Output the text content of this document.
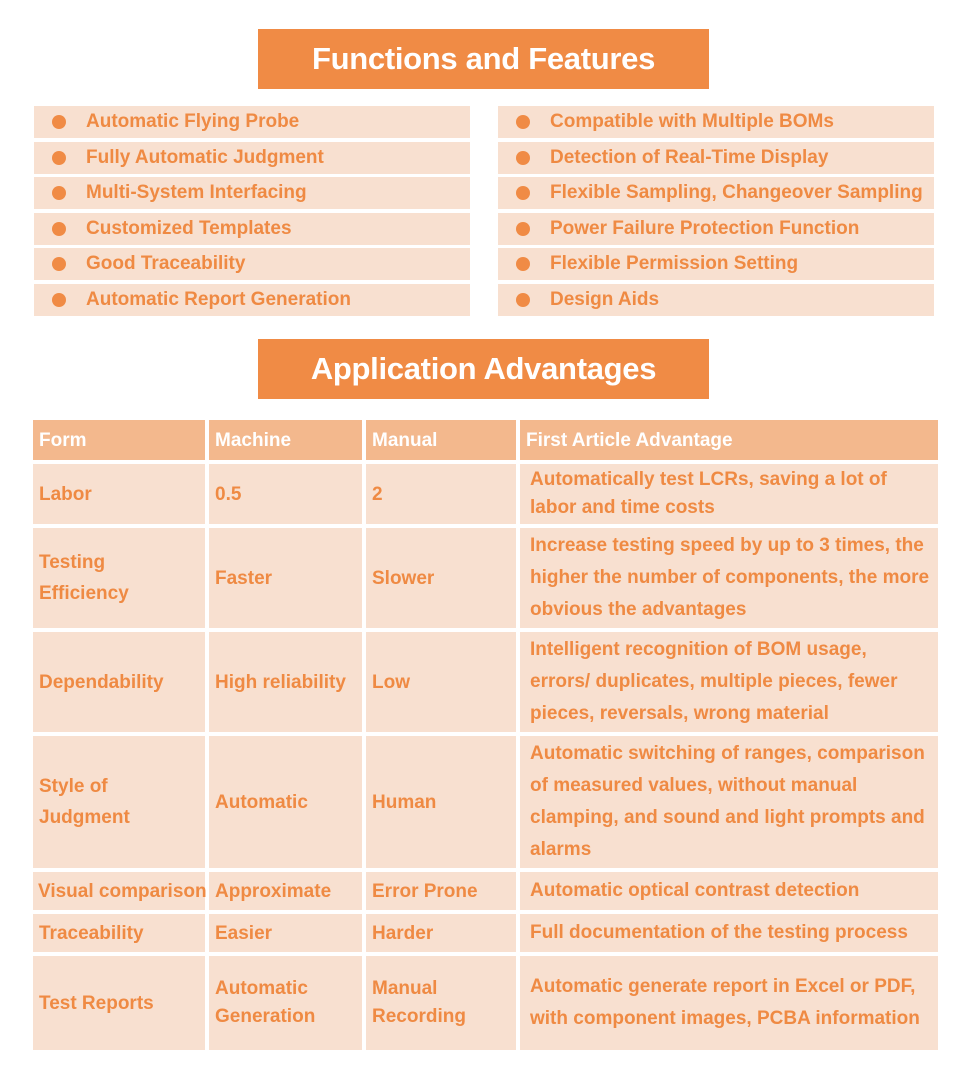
Functions and Features
Automatic Flying Probe
Fully Automatic Judgment
Multi-System Interfacing
Customized Templates
Good Traceability
Automatic Report Generation
Compatible with Multiple BOMs
Detection of Real-Time Display
Flexible Sampling, Changeover Sampling
Power Failure Protection Function
Flexible Permission Setting
Design Aids
Application Advantages
Form	Machine	Manual	First Article Advantage
Labor	0.5	2	Automatically test LCRs, saving a lot of labor and time costs
Testing Efficiency	Faster	Slower	Increase testing speed by up to 3 times, the higher the number of components, the more obvious the advantages
Dependability	High reliability	Low	Intelligent recognition of BOM usage, errors/ duplicates, multiple pieces, fewer pieces, reversals, wrong material
Style of Judgment	Automatic	Human	Automatic switching of ranges, comparison of measured values, without manual clamping, and sound and light prompts and alarms
Visual comparison	Approximate	Error Prone	Automatic optical contrast detection
Traceability	Easier	Harder	Full documentation of the testing process
Test Reports	Automatic Generation	Manual Recording	Automatic generate report in Excel or PDF, with component images, PCBA information
